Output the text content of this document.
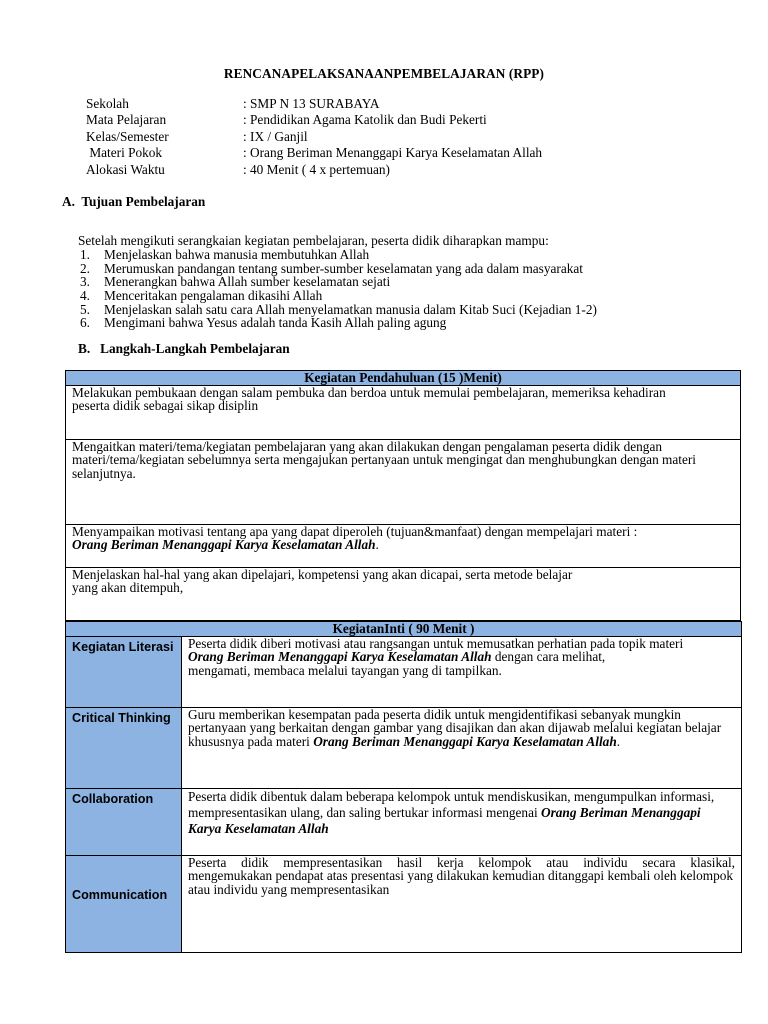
RENCANAPELAKSANAANPEMBELAJARAN (RPP)
Sekolah	: SMP N 13 SURABAYA
Mata Pelajaran	: Pendidikan Agama Katolik dan Budi Pekerti
Kelas/Semester	: IX / Ganjil
Materi Pokok	: Orang Beriman Menanggapi Karya Keselamatan Allah
Alokasi Waktu	: 40 Menit ( 4 x pertemuan)
A.  Tujuan Pembelajaran
Setelah mengikuti serangkaian kegiatan pembelajaran, peserta didik diharapkan mampu:
1. Menjelaskan bahwa manusia membutuhkan Allah
2. Merumuskan pandangan tentang sumber-sumber keselamatan yang ada dalam masyarakat
3. Menerangkan bahwa Allah sumber keselamatan sejati
4. Menceritakan pengalaman dikasihi Allah
5. Menjelaskan salah satu cara Allah menyelamatkan manusia dalam Kitab Suci (Kejadian 1-2)
6. Mengimani bahwa Yesus adalah tanda Kasih Allah paling agung
B.   Langkah-Langkah Pembelajaran
Kegiatan Pendahuluan (15 )Menit)

Melakukan pembukaan dengan salam pembuka dan berdoa untuk memulai pembelajaran, memeriksa kehadiran
peserta didik sebagai sikap disiplin

Mengaitkan materi/tema/kegiatan pembelajaran yang akan dilakukan dengan pengalaman peserta didik dengan
materi/tema/kegiatan sebelumnya serta mengajukan pertanyaan untuk mengingat dan menghubungkan dengan materi selanjutnya.

Menyampaikan motivasi tentang apa yang dapat diperoleh (tujuan&manfaat) dengan mempelajari materi :
Orang Beriman Menanggapi Karya Keselamatan Allah.

Menjelaskan hal-hal yang akan dipelajari, kompetensi yang akan dicapai, serta metode belajar
yang akan ditempuh,
KegiatanInti ( 90 Menit )	
Kegiatan Literasi	Peserta didik diberi motivasi atau rangsangan untuk memusatkan perhatian pada topik materi
Orang Beriman Menanggapi Karya Keselamatan Allah dengan cara melihat,
mengamati, membaca melalui tayangan yang di tampilkan.

Critical Thinking	Guru memberikan kesempatan pada peserta didik untuk mengidentifikasi sebanyak mungkin
pertanyaan yang berkaitan dengan gambar yang disajikan dan akan dijawab melalui kegiatan belajar khususnya pada materi Orang Beriman Menanggapi Karya Keselamatan Allah.

Collaboration	Peserta didik dibentuk dalam beberapa kelompok untuk mendiskusikan, mengumpulkan informasi, mempresentasikan ulang, dan saling bertukar informasi mengenai Orang Beriman Menanggapi Karya Keselamatan Allah

Communication	Peserta didik mempresentasikan hasil kerja kelompok atau individu secara klasikal,
mengemukakan pendapat atas presentasi yang dilakukan kemudian ditanggapi kembali oleh kelompok atau individu yang mempresentasikan
